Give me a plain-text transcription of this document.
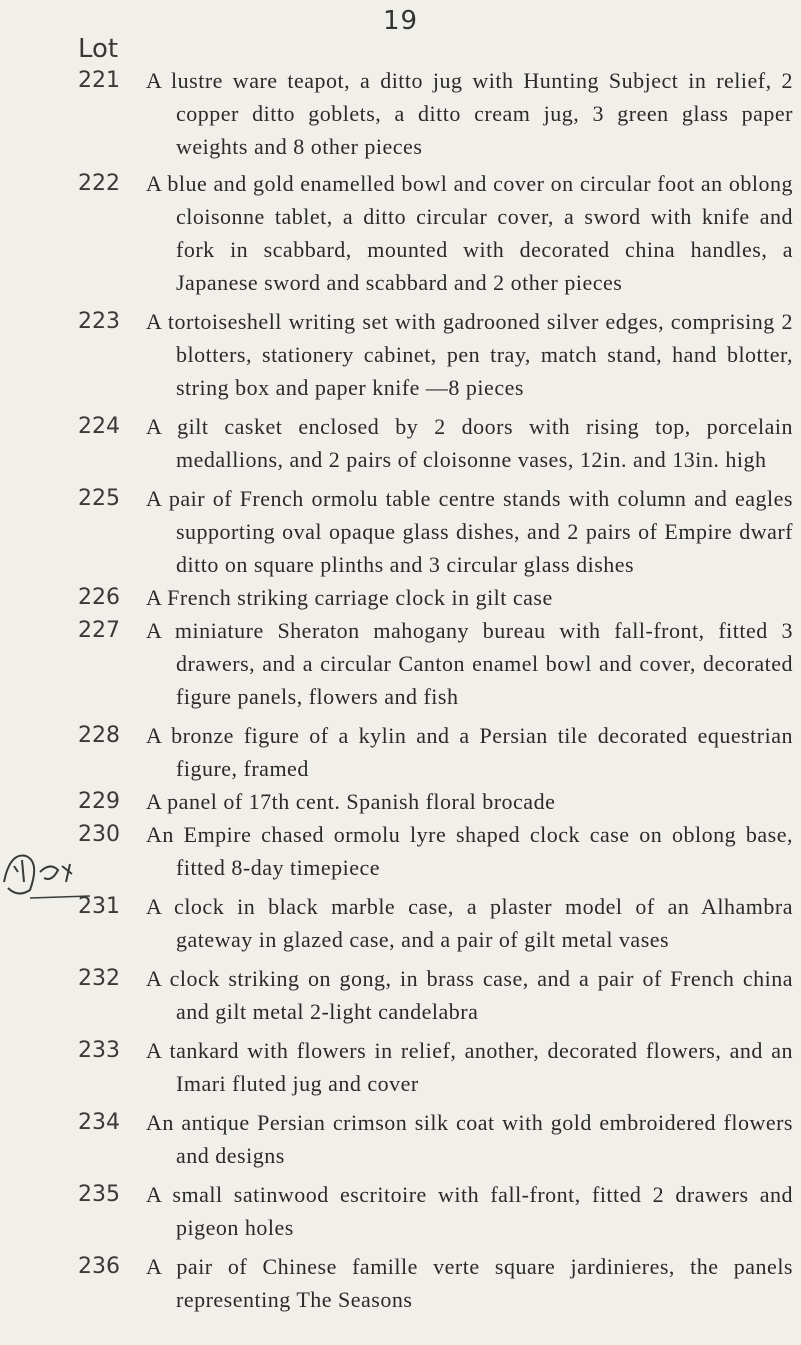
19
Lot
221	A lustre ware teapot, a ditto jug with Hunting Subject in relief, 2 copper ditto goblets, a ditto cream jug, 3 green glass paper weights and 8 other pieces
222	A blue and gold enamelled bowl and cover on circular foot an oblong cloisonne tablet, a ditto circular cover, a sword with knife and fork in scabbard, mounted with decorated china handles, a Japanese sword and scabbard and 2 other pieces
223	A tortoiseshell writing set with gadrooned silver edges, comprising 2 blotters, stationery cabinet, pen tray, match stand, hand blotter, string box and paper knife —8 pieces
224	A gilt casket enclosed by 2 doors with rising top, porcelain medallions, and 2 pairs of cloisonne vases, 12in. and 13in. high
225	A pair of French ormolu table centre stands with column and eagles supporting oval opaque glass dishes, and 2 pairs of Empire dwarf ditto on square plinths and 3 circular glass dishes
226	A French striking carriage clock in gilt case
227	A miniature Sheraton mahogany bureau with fall-front, fitted 3 drawers, and a circular Canton enamel bowl and cover, decorated figure panels, flowers and fish
228	A bronze figure of a kylin and a Persian tile decorated equestrian figure, framed
229	A panel of 17th cent. Spanish floral brocade
230	An Empire chased ormolu lyre shaped clock case on oblong base, fitted 8-day timepiece
231	A clock in black marble case, a plaster model of an Alhambra gateway in glazed case, and a pair of gilt metal vases
232	A clock striking on gong, in brass case, and a pair of French china and gilt metal 2-light candelabra
233	A tankard with flowers in relief, another, decorated flowers, and an Imari fluted jug and cover
234	An antique Persian crimson silk coat with gold embroidered flowers and designs
235	A small satinwood escritoire with fall-front, fitted 2 drawers and pigeon holes
236	A pair of Chinese famille verte square jardinieres, the panels representing The Seasons
